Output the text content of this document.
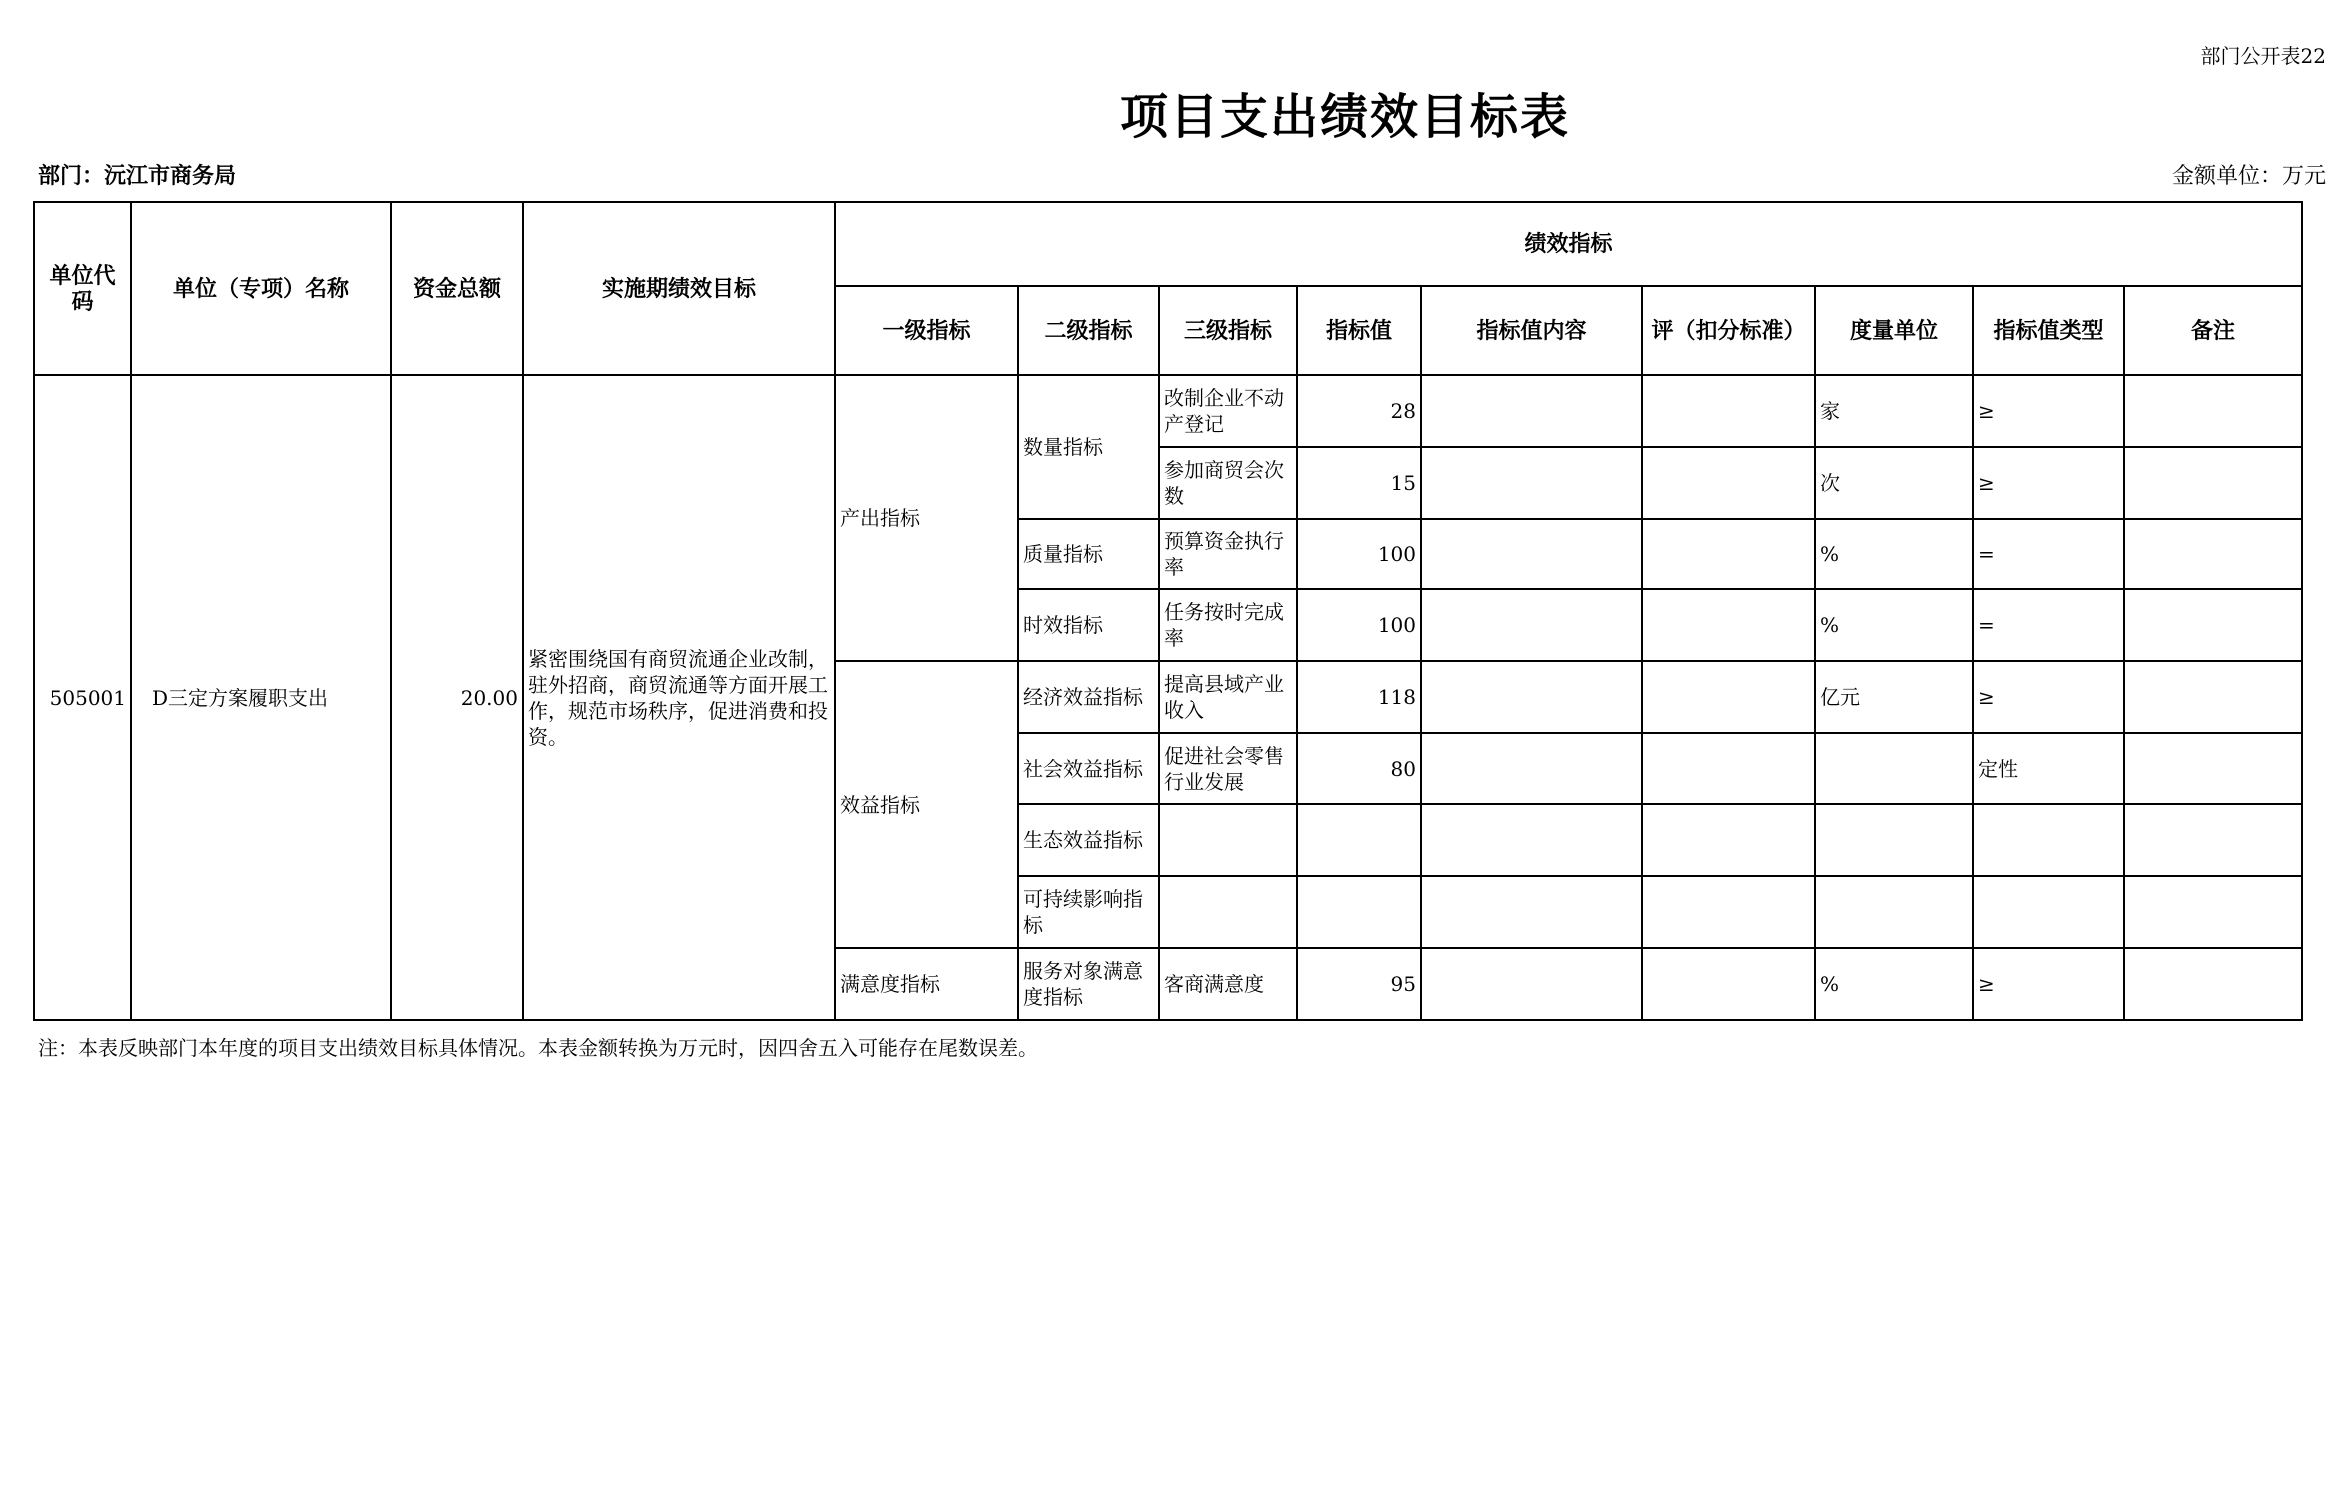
部门公开表22
项目支出绩效目标表
部门：沅江市商务局	金额单位：万元
单位代码	单位（专项）名称	资金总额	实施期绩效目标	绩效指标								
				一级指标	二级指标	三级指标	指标值	指标值内容	评（扣分标准）	度量单位	指标值类型	备注
505001	D三定方案履职支出	20.00	紧密围绕国有商贸流通企业改制，驻外招商，商贸流通等方面开展工作，规范市场秩序，促进消费和投资。	产出指标	数量指标	改制企业不动产登记	28			家	≥	
						参加商贸会次数	15			次	≥	
					质量指标	预算资金执行率	100			%	=	
					时效指标	任务按时完成率	100			%	=	
				效益指标	经济效益指标	提高县域产业收入	118			亿元	≥	
					社会效益指标	促进社会零售行业发展	80				定性	
					生态效益指标							
					可持续影响指标							
				满意度指标	服务对象满意度指标	客商满意度	95			%	≥	
注：本表反映部门本年度的项目支出绩效目标具体情况。本表金额转换为万元时，因四舍五入可能存在尾数误差。
